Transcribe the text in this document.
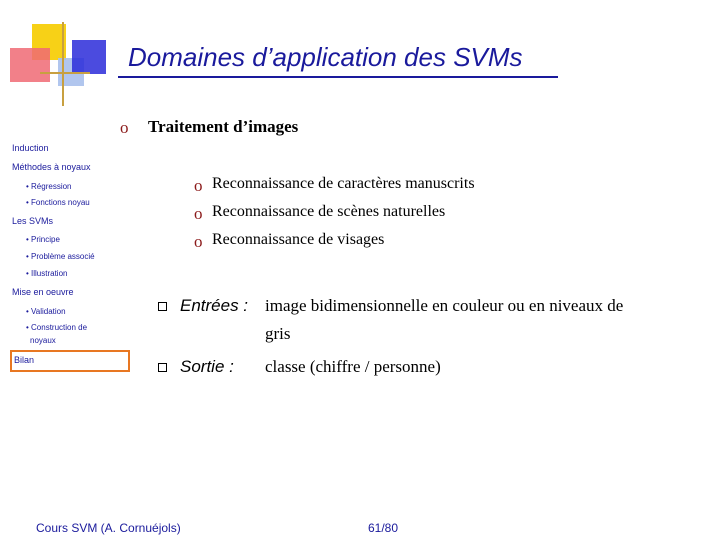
Domaines d’application des SVMs
o Traitement d’images
o Reconnaissance de caractères manuscrits
o Reconnaissance de scènes naturelles
o Reconnaissance de visages
Entrées : image bidimensionnelle en couleur ou en niveaux de
gris
Sortie : classe (chiffre / personne)
Induction
Méthodes à noyaux
• Régression
• Fonctions noyau
Les SVMs
• Principe
• Problème associé
• Illustration
Mise en oeuvre
• Validation
• Construction de
noyaux
Bilan
Cours SVM (A. Cornuéjols)	61/80
